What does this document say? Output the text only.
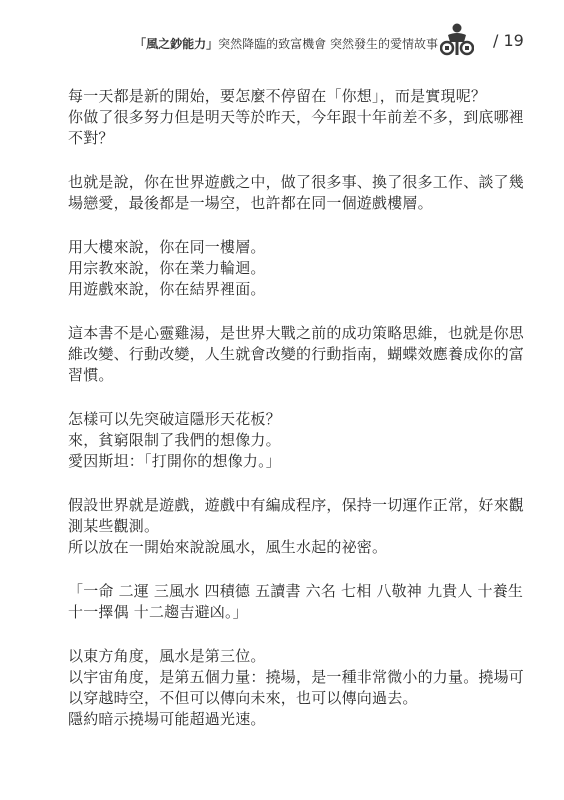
「風之鈔能力」突然降臨的致富機會 突然發生的愛情故事	/ 19
每一天都是新的開始，要怎麼不停留在「你想」，而是實現呢？
你做了很多努力但是明天等於昨天，今年跟十年前差不多，到底哪裡
不對？
也就是說，你在世界遊戲之中，做了很多事、換了很多工作、談了幾
場戀愛，最後都是一場空，也許都在同一個遊戲樓層。
用大樓來說，你在同一樓層。
用宗教來說，你在業力輪迴。
用遊戲來說，你在結界裡面。
這本書不是心靈雞湯，是世界大戰之前的成功策略思維，也就是你思
維改變、行動改變，人生就會改變的行動指南，蝴蝶效應養成你的富
習慣。
怎樣可以先突破這隱形天花板？
來，貧窮限制了我們的想像力。
愛因斯坦：「打開你的想像力。」
假設世界就是遊戲，遊戲中有編成程序，保持一切運作正常，好來觀
測某些觀測。
所以放在一開始來說說風水，風生水起的祕密。
「一命 二運 三風水 四積德 五讀書 六名 七相 八敬神 九貴人 十養生
十一擇偶 十二趨吉避凶。」
以東方角度，風水是第三位。
以宇宙角度，是第五個力量：撓場，是一種非常微小的力量。撓場可
以穿越時空，不但可以傳向未來，也可以傳向過去。
隱約暗示撓場可能超過光速。
